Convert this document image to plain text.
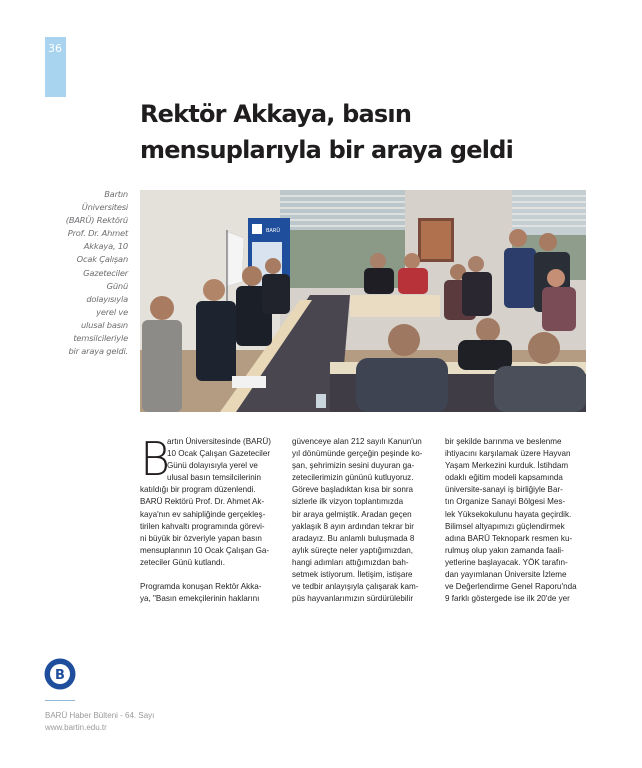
36
Rektör Akkaya, basın
mensuplarıyla bir araya geldi
Bartın
Üniversitesi
(BARÜ) Rektörü
Prof. Dr. Ahmet
Akkaya, 10
Ocak Çalışan
Gazeteciler
Günü
dolayısıyla
yerel ve
ulusal basın
temsilcileriyle
bir araya geldi.
BARÜ
B
artın Üniversitesinde (BARÜ)
10 Ocak Çalışan Gazeteciler
Günü dolayısıyla yerel ve
ulusal basın temsilcilerinin
katıldığı bir program düzenlendi.
BARÜ Rektörü Prof. Dr. Ahmet Ak-
kaya'nın ev sahipliğinde gerçekleş-
tirilen kahvaltı programında görevi-
ni büyük bir özveriyle yapan basın
mensuplarının 10 Ocak Çalışan Ga-
zeteciler Günü kutlandı.
Programda konuşan Rektör Akka-
ya, "Basın emekçilerinin haklarını
güvenceye alan 212 sayılı Kanun'un
yıl dönümünde gerçeğin peşinde ko-
şan, şehrimizin sesini duyuran ga-
zetecilerimizin gününü kutluyoruz.
Göreve başladıktan kısa bir sonra
sizlerle ilk vizyon toplantımızda
bir araya gelmiştik. Aradan geçen
yaklaşık 8 ayın ardından tekrar bir
aradayız. Bu anlamlı buluşmada 8
aylık süreçte neler yaptığımızdan,
hangi adımları attığımızdan bah-
setmek istiyorum. İletişim, istişare
ve tedbir anlayışıyla çalışarak kam-
püs hayvanlarımızın sürdürülebilir
bir şekilde barınma ve beslenme
ihtiyacını karşılamak üzere Hayvan
Yaşam Merkezini kurduk. İstihdam
odaklı eğitim modeli kapsamında
üniversite-sanayi iş birliğiyle Bar-
tın Organize Sanayi Bölgesi Mes-
lek Yüksekokulunu hayata geçirdik.
Bilimsel altyapımızı güçlendirmek
adına BARÜ Teknopark resmen ku-
rulmuş olup yakın zamanda faali-
yetlerine başlayacak. YÖK tarafın-
dan yayımlanan Üniversite İzleme
ve Değerlendirme Genel Raporu'nda
9 farklı göstergede ise ilk 20'de yer
B
BARÜ Haber Bülteni - 64. Sayı
www.bartin.edu.tr
